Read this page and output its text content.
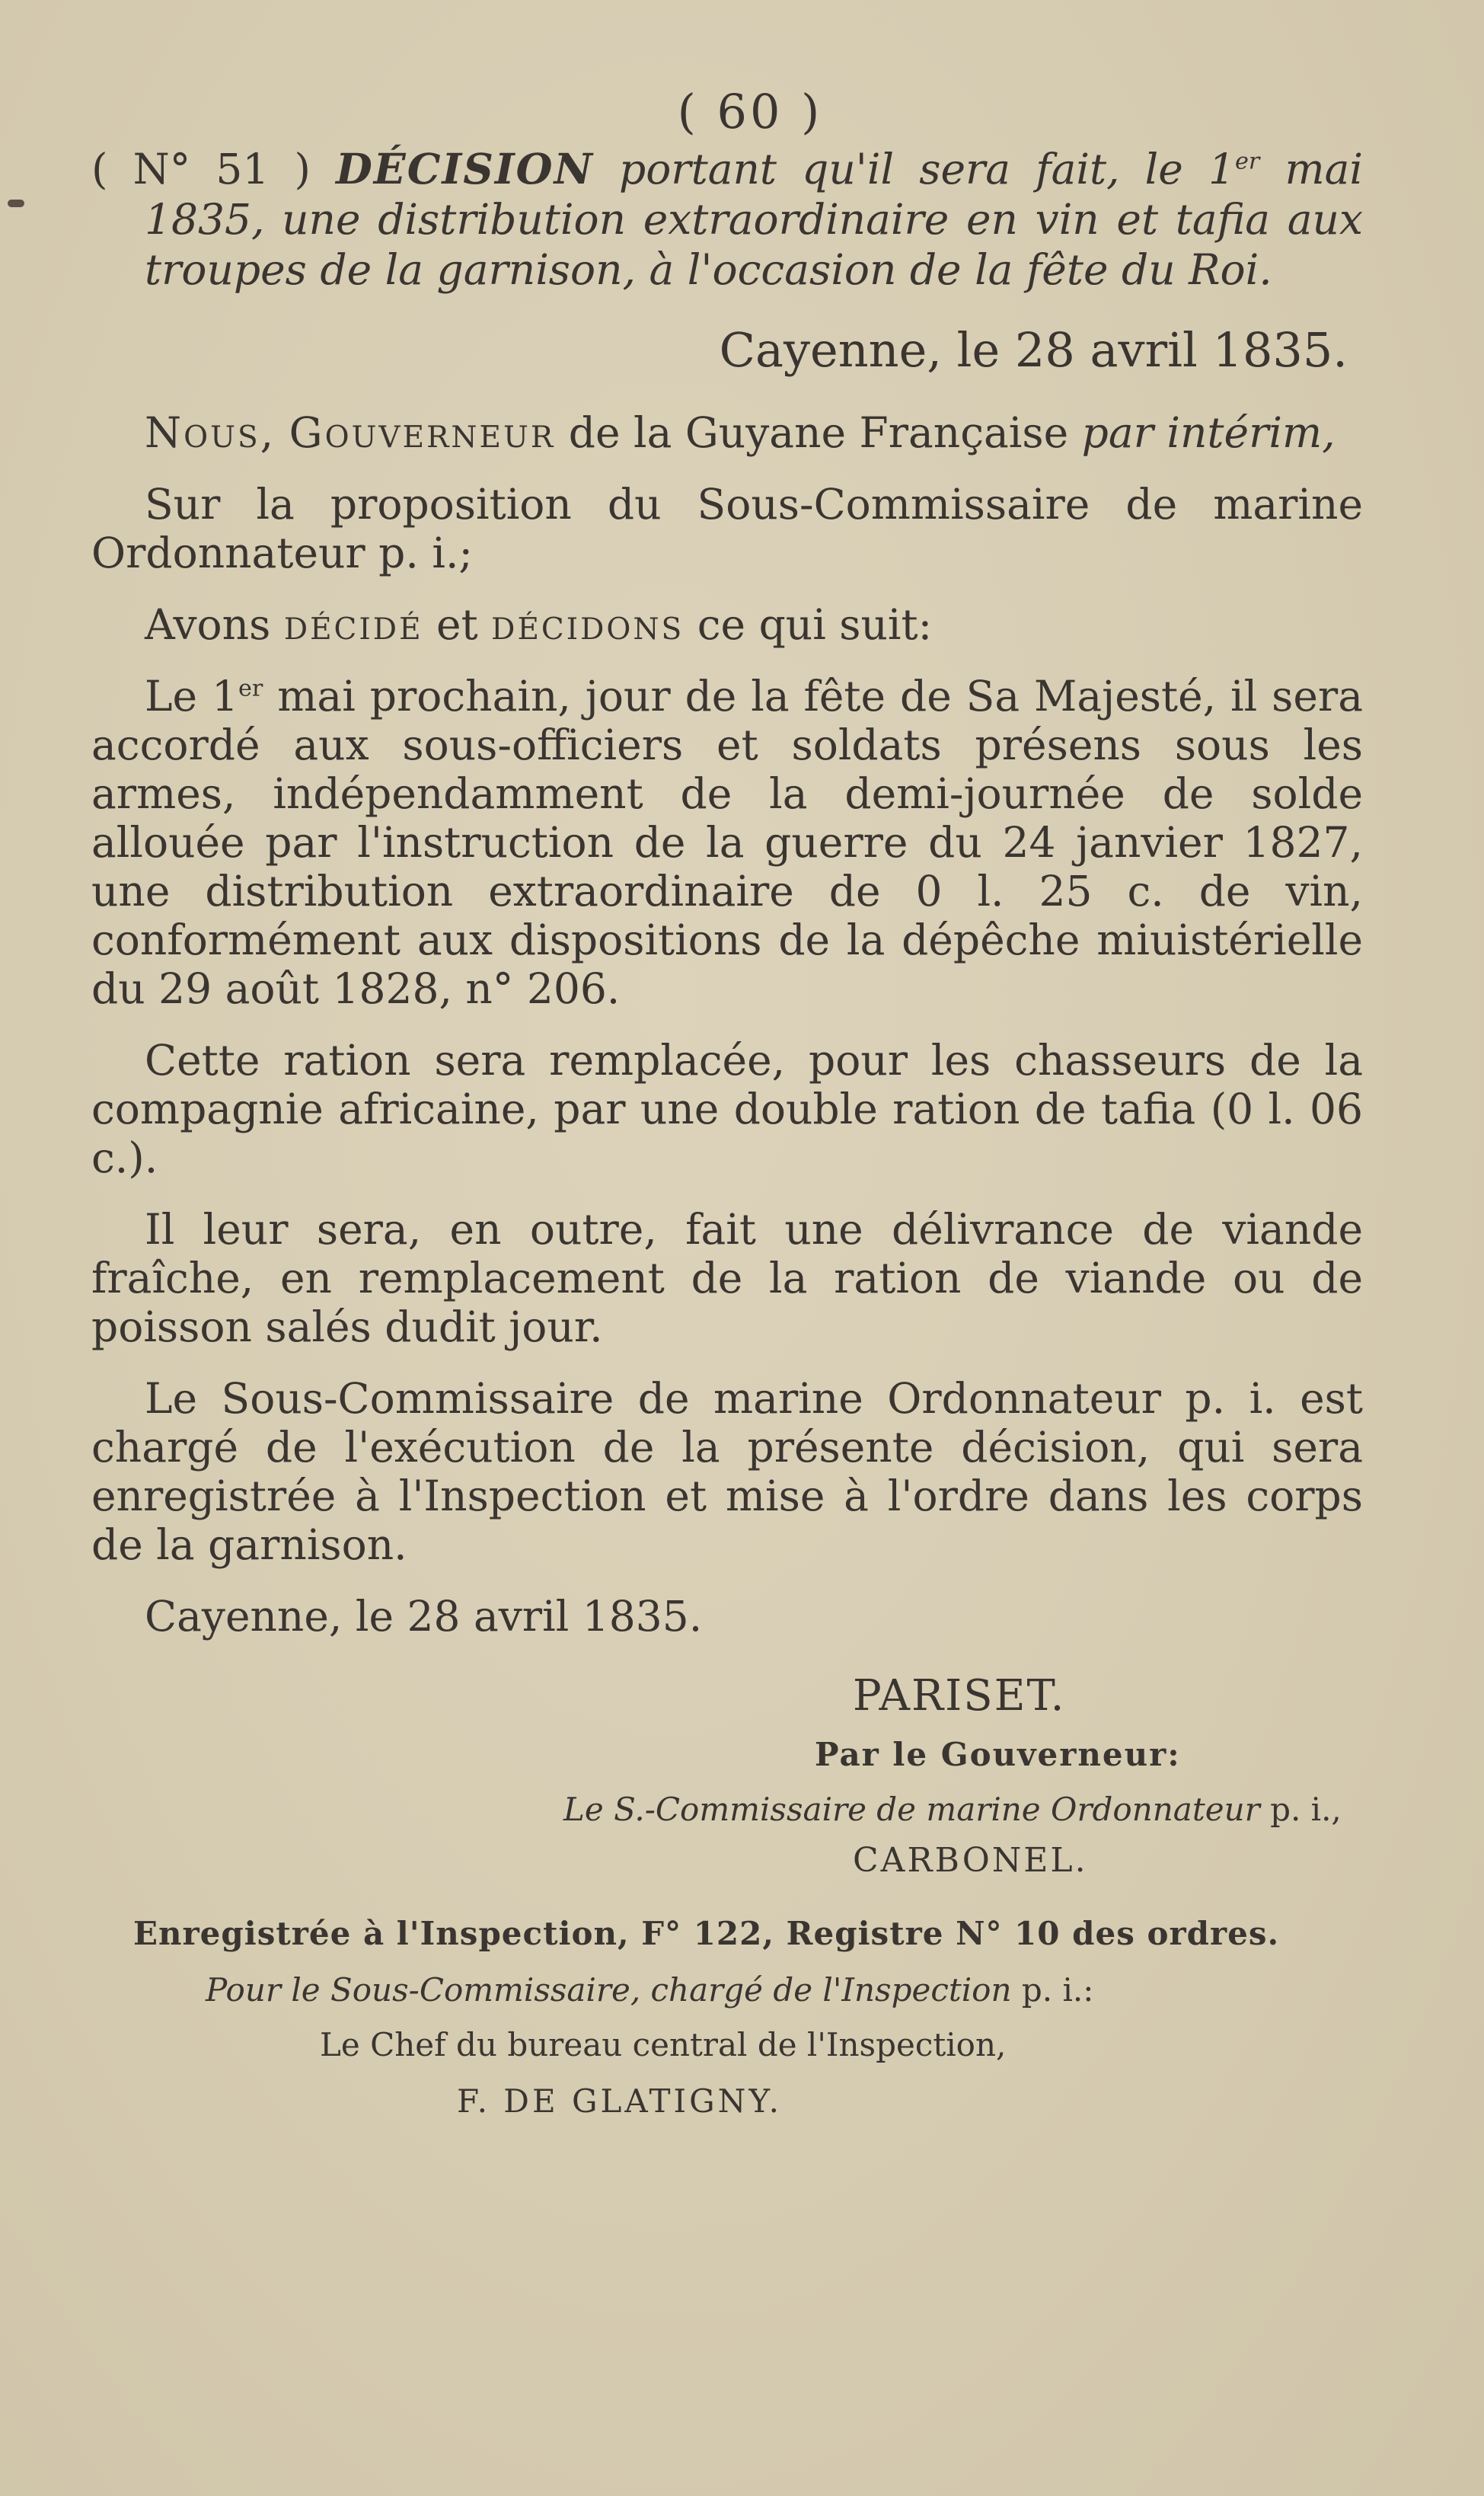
( 60 )

( N° 51 ) DÉCISION portant qu'il sera fait, le 1er mai 1835, une distribution extraordinaire en vin et tafia aux troupes de la garnison, à l'occasion de la fête du Roi.

Cayenne, le 28 avril 1835.

Nous, Gouverneur de la Guyane Française par intérim,

Sur la proposition du Sous-Commissaire de marine Ordonnateur p. i.;

Avons décidé et décidons ce qui suit:

Le 1er mai prochain, jour de la fête de Sa Majesté, il sera accordé aux sous-officiers et soldats présens sous les armes, indépendamment de la demi-journée de solde allouée par l'instruction de la guerre du 24 janvier 1827, une distribution extraordinaire de 0 l. 25 c. de vin, conformément aux dispositions de la dépêche miuistérielle du 29 août 1828, n° 206.

Cette ration sera remplacée, pour les chasseurs de la compagnie africaine, par une double ration de tafia (0 l. 06 c.).

Il leur sera, en outre, fait une délivrance de viande fraîche, en remplacement de la ration de viande ou de poisson salés dudit jour.

Le Sous-Commissaire de marine Ordonnateur p. i. est chargé de l'exécution de la présente décision, qui sera enregistrée à l'Inspection et mise à l'ordre dans les corps de la garnison.

Cayenne, le 28 avril 1835.

PARISET.
Par le Gouverneur:
Le S.-Commissaire de marine Ordonnateur p. i.,
CARBONEL.
Enregistrée à l'Inspection, F° 122, Registre N° 10 des ordres.
Pour le Sous-Commissaire, chargé de l'Inspection p. i.:
Le Chef du bureau central de l'Inspection,
F. DE GLATIGNY.
